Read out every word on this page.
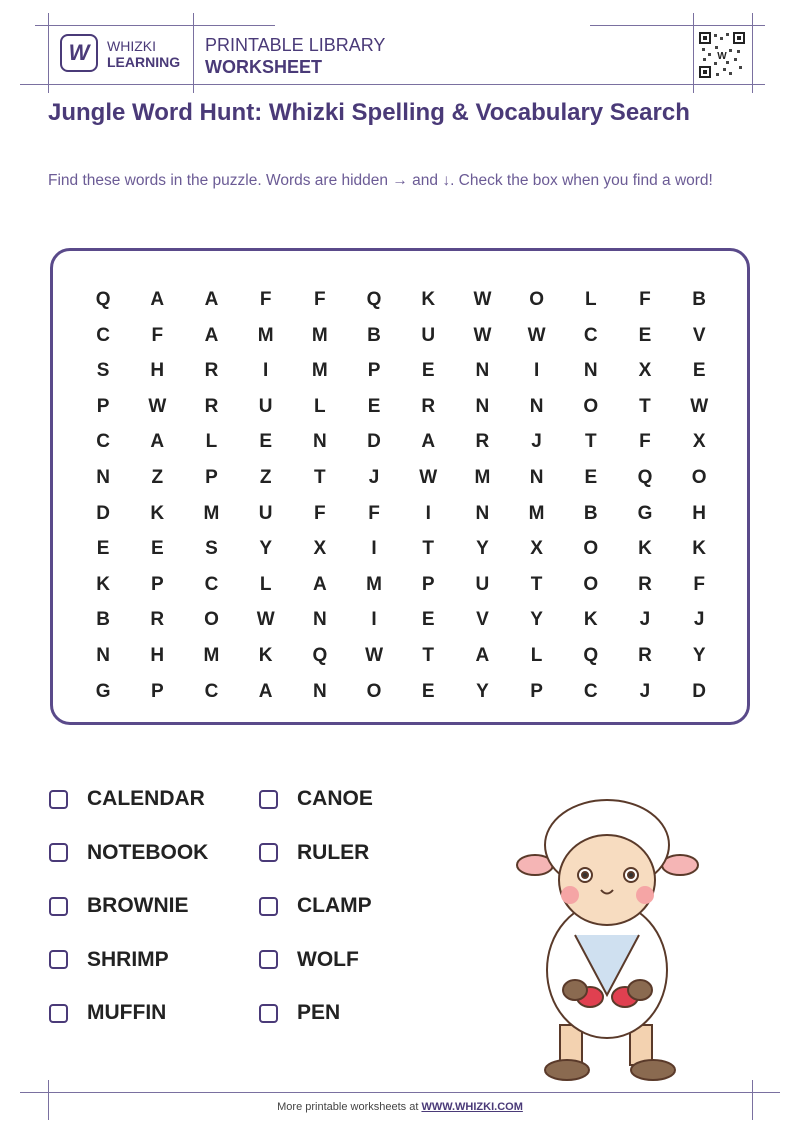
W WHIZKI
LEARNING
PRINTABLE LIBRARY
WORKSHEET
W
Jungle Word Hunt: Whizki Spelling & Vocabulary Search

Find these words in the puzzle. Words are hidden → and ↓. Check the box when you find a word!

Q	A	A	F	F	Q	K	W	O	L	F	B
C	F	A	M	M	B	U	W	W	C	E	V
S	H	R	I	M	P	E	N	I	N	X	E
P	W	R	U	L	E	R	N	N	O	T	W
C	A	L	E	N	D	A	R	J	T	F	X
N	Z	P	Z	T	J	W	M	N	E	Q	O
D	K	M	U	F	F	I	N	M	B	G	H
E	E	S	Y	X	I	T	Y	X	O	K	K
K	P	C	L	A	M	P	U	T	O	R	F
B	R	O	W	N	I	E	V	Y	K	J	J
N	H	M	K	Q	W	T	A	L	Q	R	Y
G	P	C	A	N	O	E	Y	P	C	J	D
CALENDAR	CANOE
NOTEBOOK	RULER
BROWNIE	CLAMP
SHRIMP	WOLF
MUFFIN	PEN
More printable worksheets at WWW.WHIZKI.COM
